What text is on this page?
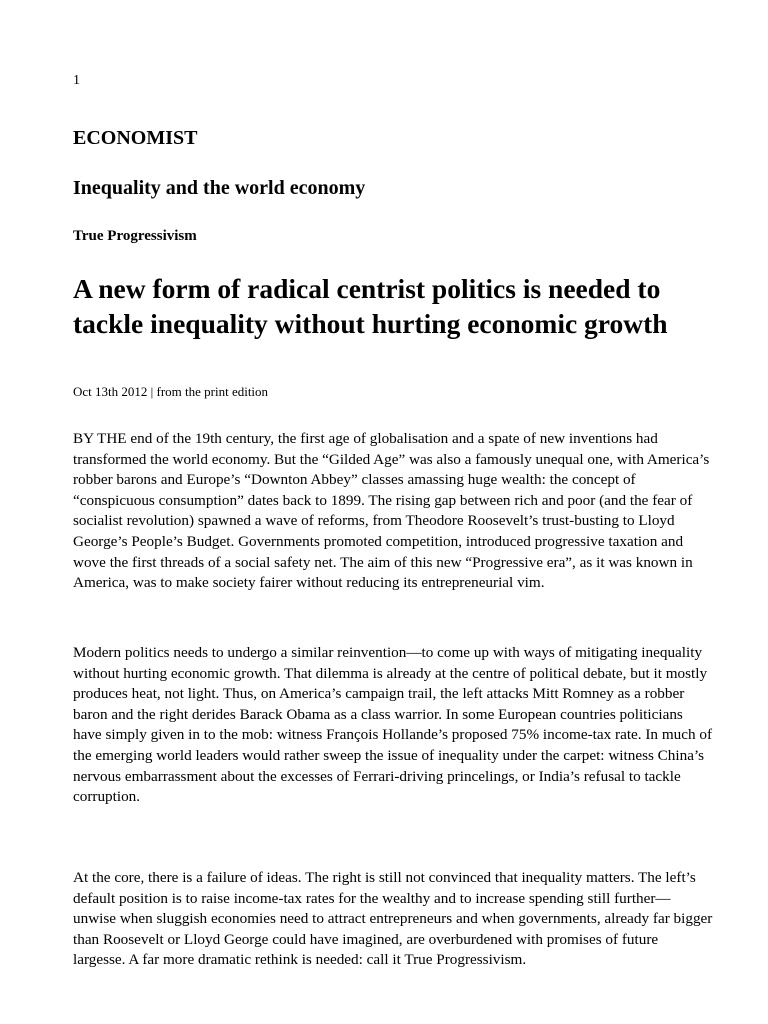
1
ECONOMIST
Inequality and the world economy
True Progressivism
A new form of radical centrist politics is needed to tackle inequality without hurting economic growth
Oct 13th 2012 | from the print edition

BY THE end of the 19th century, the first age of globalisation and a spate of new inventions had transformed the world economy. But the “Gilded Age” was also a famously unequal one, with America’s robber barons and Europe’s “Downton Abbey” classes amassing huge wealth: the concept of “conspicuous consumption” dates back to 1899. The rising gap between rich and poor (and the fear of socialist revolution) spawned a wave of reforms, from Theodore Roosevelt’s trust-busting to Lloyd George’s People’s Budget. Governments promoted competition, introduced progressive taxation and wove the first threads of a social safety net. The aim of this new “Progressive era”, as it was known in America, was to make society fairer without reducing its entrepreneurial vim.

Modern politics needs to undergo a similar reinvention—to come up with ways of mitigating inequality without hurting economic growth. That dilemma is already at the centre of political debate, but it mostly produces heat, not light. Thus, on America’s campaign trail, the left attacks Mitt Romney as a robber baron and the right derides Barack Obama as a class warrior. In some European countries politicians have simply given in to the mob: witness François Hollande’s proposed 75% income-tax rate. In much of the emerging world leaders would rather sweep the issue of inequality under the carpet: witness China’s nervous embarrassment about the excesses of Ferrari-driving princelings, or India’s refusal to tackle corruption.

At the core, there is a failure of ideas. The right is still not convinced that inequality matters. The left’s default position is to raise income-tax rates for the wealthy and to increase spending still further—unwise when sluggish economies need to attract entrepreneurs and when governments, already far bigger than Roosevelt or Lloyd George could have imagined, are overburdened with promises of future largesse. A far more dramatic rethink is needed: call it True Progressivism.
